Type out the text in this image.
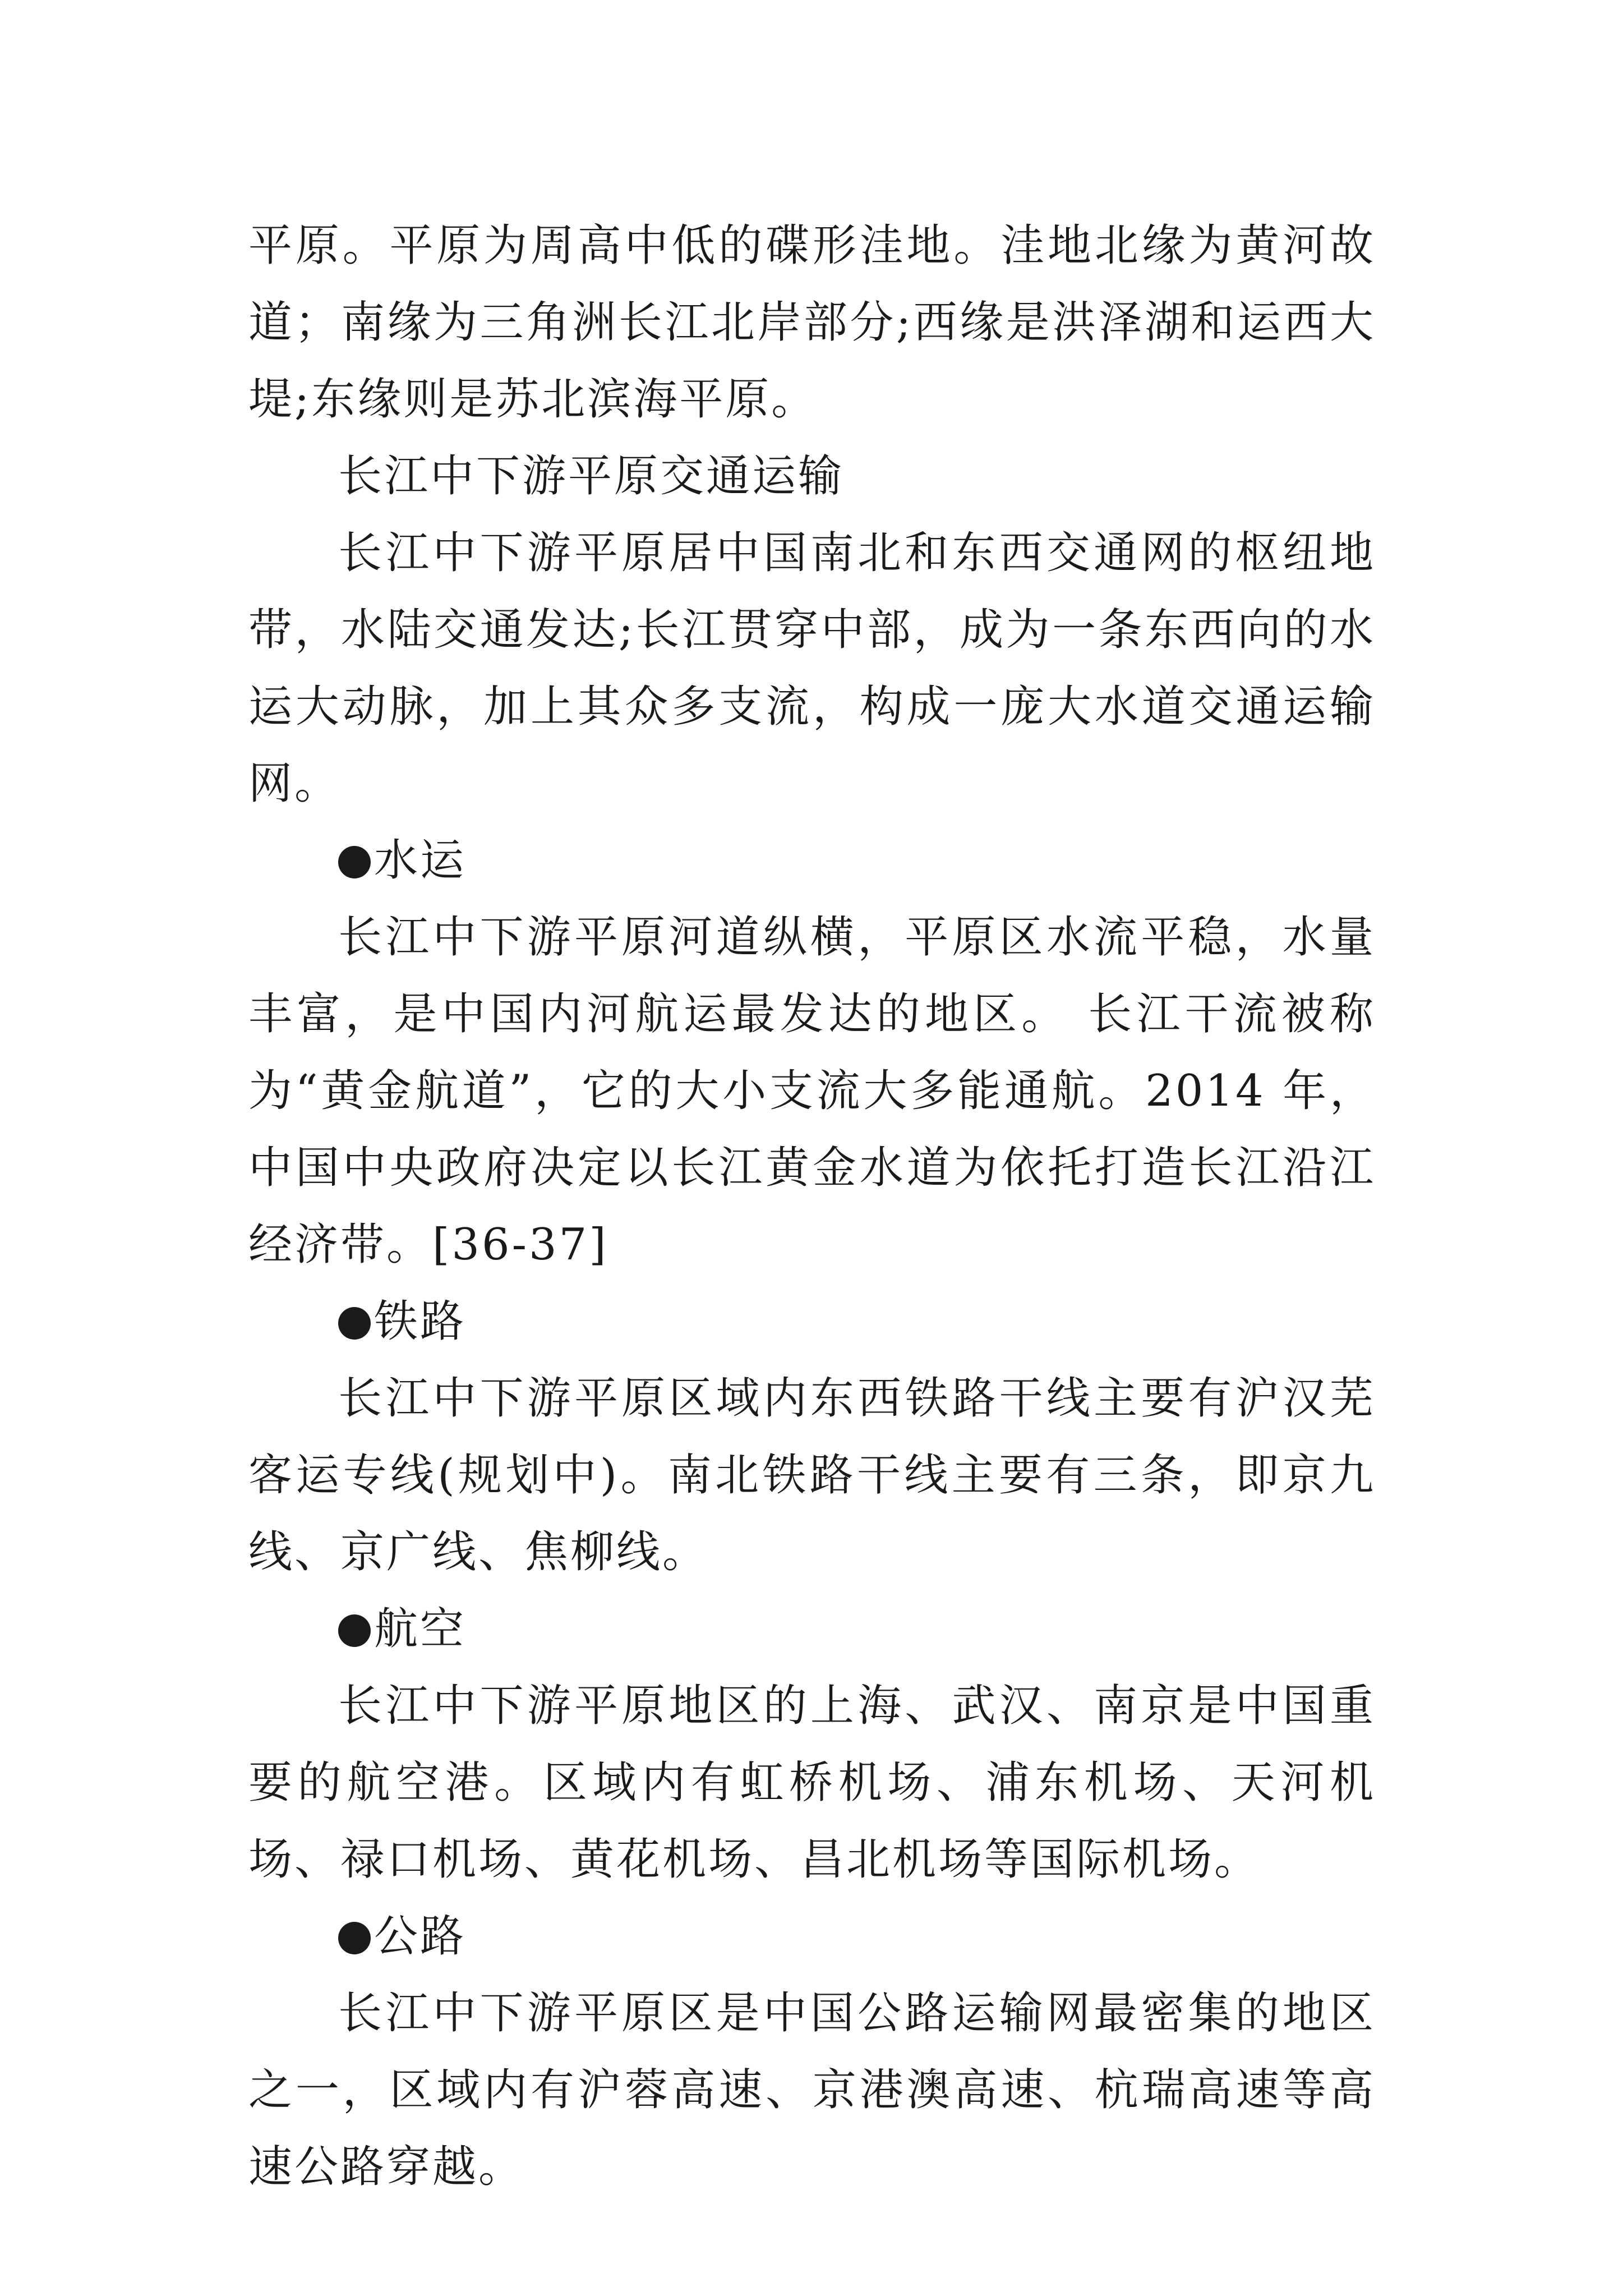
平原。平原为周高中低的碟形洼地。洼地北缘为黄河故道；南缘为三角洲长江北岸部分;西缘是洪泽湖和运西大堤;东缘则是苏北滨海平原。

长江中下游平原交通运输

长江中下游平原居中国南北和东西交通网的枢纽地带，水陆交通发达;长江贯穿中部，成为一条东西向的水运大动脉，加上其众多支流，构成一庞大水道交通运输网。

水运

长江中下游平原河道纵横，平原区水流平稳，水量丰富，是中国内河航运最发达的地区。 长江干流被称为“黄金航道”，它的大小支流大多能通航。2014 年，中国中央政府决定以长江黄金水道为依托打造长江沿江经济带。[36-37]

铁路

长江中下游平原区域内东西铁路干线主要有沪汉芜客运专线(规划中)。南北铁路干线主要有三条，即京九线、京广线、焦柳线。

航空

长江中下游平原地区的上海、武汉、南京是中国重要的航空港。区域内有虹桥机场、浦东机场、天河机场、禄口机场、黄花机场、昌北机场等国际机场。

公路

长江中下游平原区是中国公路运输网最密集的地区之一，区域内有沪蓉高速、京港澳高速、杭瑞高速等高速公路穿越。
